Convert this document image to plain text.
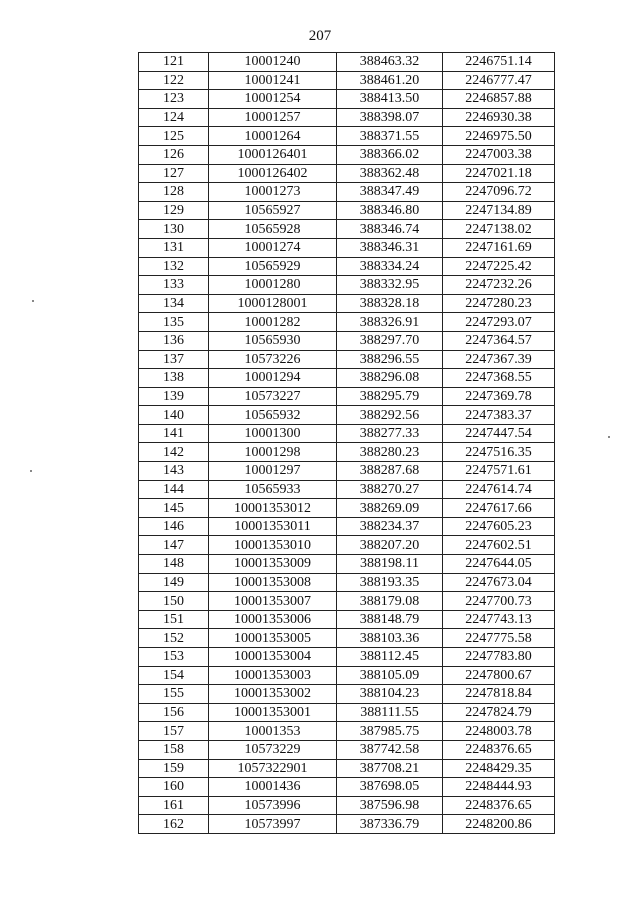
207
121	10001240	388463.32	2246751.14
122	10001241	388461.20	2246777.47
123	10001254	388413.50	2246857.88
124	10001257	388398.07	2246930.38
125	10001264	388371.55	2246975.50
126	1000126401	388366.02	2247003.38
127	1000126402	388362.48	2247021.18
128	10001273	388347.49	2247096.72
129	10565927	388346.80	2247134.89
130	10565928	388346.74	2247138.02
131	10001274	388346.31	2247161.69
132	10565929	388334.24	2247225.42
133	10001280	388332.95	2247232.26
134	1000128001	388328.18	2247280.23
135	10001282	388326.91	2247293.07
136	10565930	388297.70	2247364.57
137	10573226	388296.55	2247367.39
138	10001294	388296.08	2247368.55
139	10573227	388295.79	2247369.78
140	10565932	388292.56	2247383.37
141	10001300	388277.33	2247447.54
142	10001298	388280.23	2247516.35
143	10001297	388287.68	2247571.61
144	10565933	388270.27	2247614.74
145	10001353012	388269.09	2247617.66
146	10001353011	388234.37	2247605.23
147	10001353010	388207.20	2247602.51
148	10001353009	388198.11	2247644.05
149	10001353008	388193.35	2247673.04
150	10001353007	388179.08	2247700.73
151	10001353006	388148.79	2247743.13
152	10001353005	388103.36	2247775.58
153	10001353004	388112.45	2247783.80
154	10001353003	388105.09	2247800.67
155	10001353002	388104.23	2247818.84
156	10001353001	388111.55	2247824.79
157	10001353	387985.75	2248003.78
158	10573229	387742.58	2248376.65
159	1057322901	387708.21	2248429.35
160	10001436	387698.05	2248444.93
161	10573996	387596.98	2248376.65
162	10573997	387336.79	2248200.86
